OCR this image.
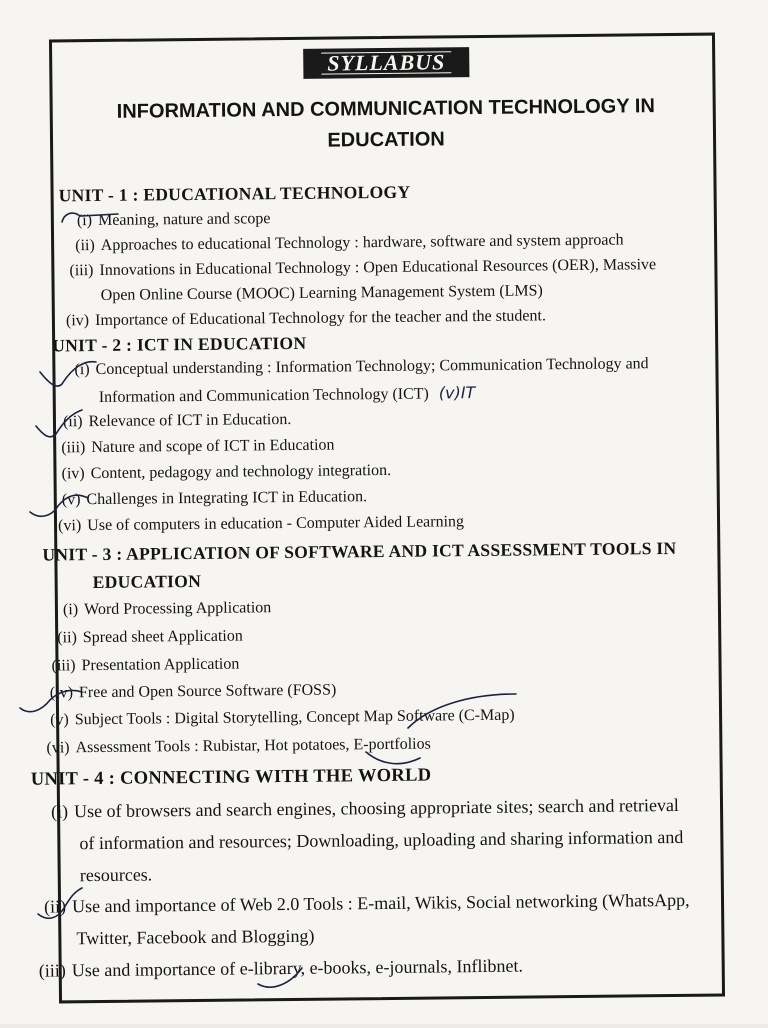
SYLLABUS
INFORMATION AND COMMUNICATION TECHNOLOGY IN EDUCATION
UNIT - 1 : EDUCATIONAL TECHNOLOGY
(i) Meaning, nature and scope
(ii) Approaches to educational Technology : hardware, software and system approach
(iii) Innovations in Educational Technology : Open Educational Resources (OER), Massive
Open Online Course (MOOC) Learning Management System (LMS)
(iv) Importance of Educational Technology for the teacher and the student.
UNIT - 2 : ICT IN EDUCATION
(i) Conceptual understanding : Information Technology; Communication Technology and
Information and Communication Technology (ICT) (v)IT
(ii) Relevance of ICT in Education.
(iii) Nature and scope of ICT in Education
(iv) Content, pedagogy and technology integration.
(v) Challenges in Integrating ICT in Education.
(vi) Use of computers in education - Computer Aided Learning
UNIT - 3 : APPLICATION OF SOFTWARE AND ICT ASSESSMENT TOOLS IN
EDUCATION
(i) Word Processing Application
(ii) Spread sheet Application
(iii) Presentation Application
(iv) Free and Open Source Software (FOSS)
(v) Subject Tools : Digital Storytelling, Concept Map Software (C-Map)
(vi) Assessment Tools : Rubistar, Hot potatoes, E-portfolios
UNIT - 4 : CONNECTING WITH THE WORLD
(i) Use of browsers and search engines, choosing appropriate sites; search and retrieval
of information and resources; Downloading, uploading and sharing information and
resources.
(ii) Use and importance of Web 2.0 Tools : E-mail, Wikis, Social networking (WhatsApp,
Twitter, Facebook and Blogging)
(iii) Use and importance of e-library, e-books, e-journals, Inflibnet.
